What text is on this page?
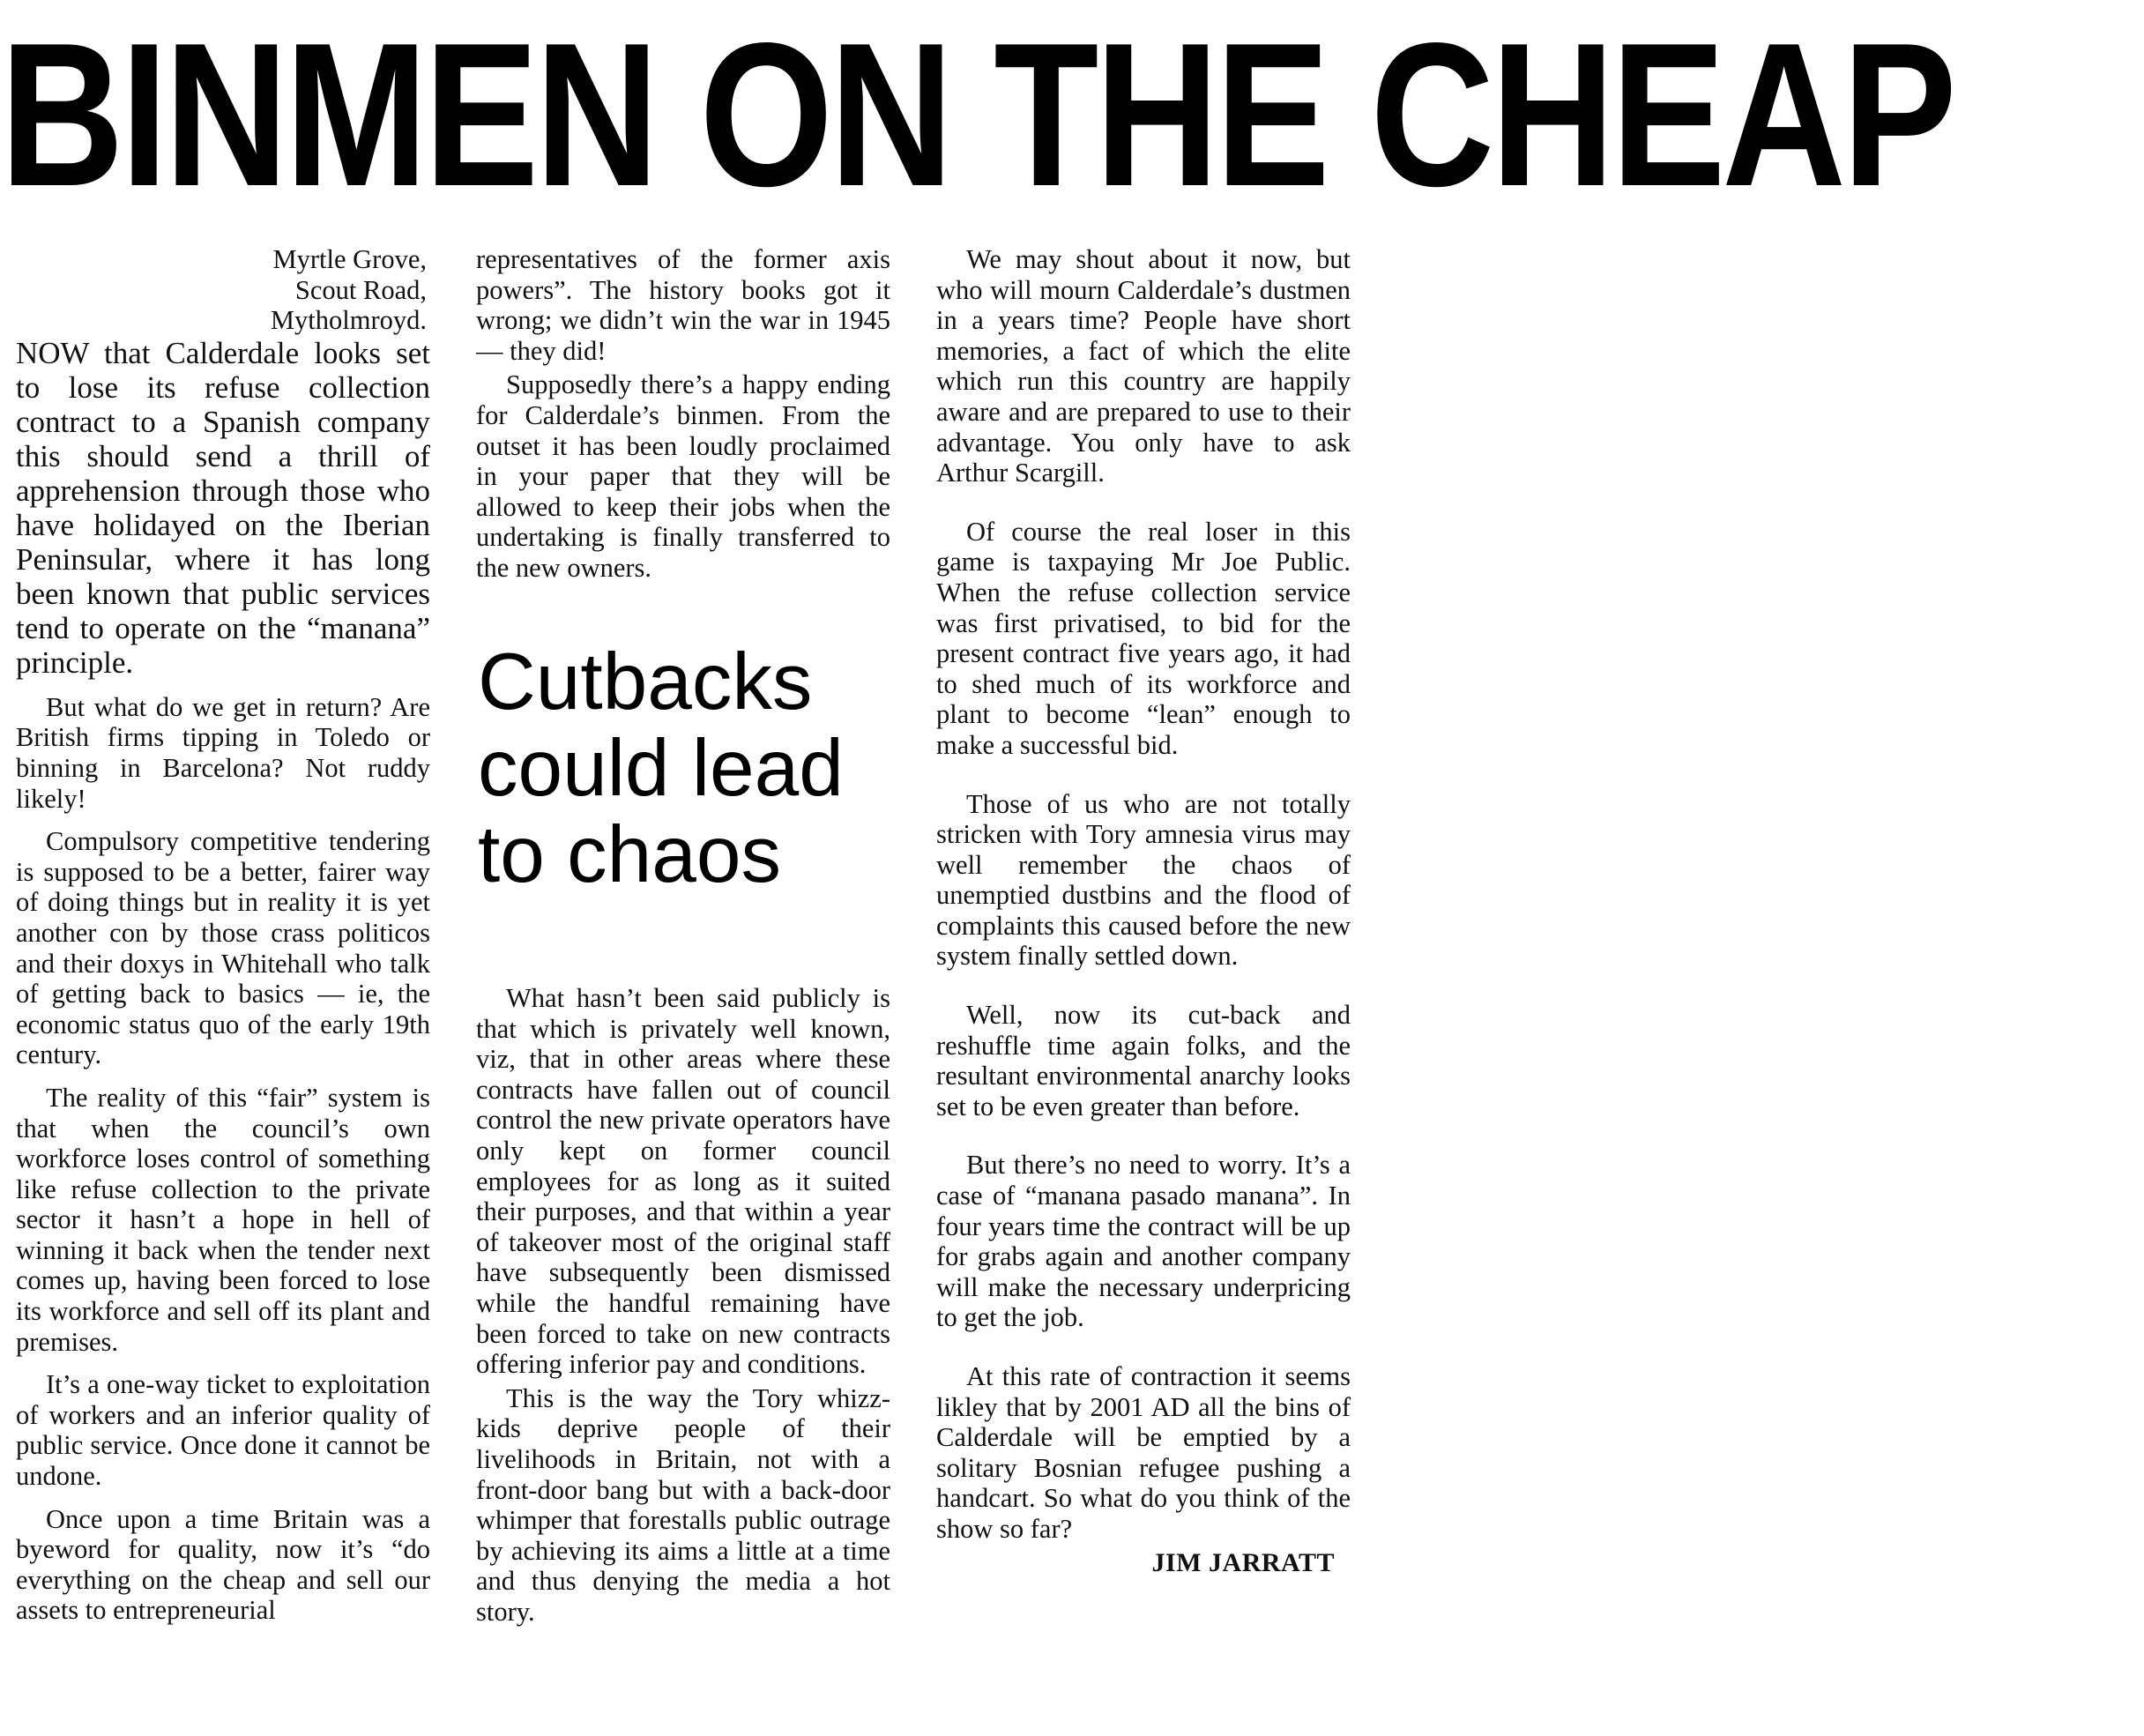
BINMEN ON THE CHEAP
Myrtle Grove,
Scout Road,
Mytholmroyd.

NOW that Calderdale looks set to lose its refuse collection contract to a Spanish company this should send a thrill of apprehension through those who have holidayed on the Iberian Peninsular, where it has long been known that public services tend to operate on the “manana” principle.

But what do we get in return? Are British firms tipping in Toledo or binning in Barcelona? Not ruddy likely!

Compulsory competitive tendering is supposed to be a better, fairer way of doing things but in reality it is yet another con by those crass politicos and their doxys in Whitehall who talk of getting back to basics — ie, the economic status quo of the early 19th century.

The reality of this “fair” system is that when the council’s own workforce loses control of something like refuse collection to the private sector it hasn’t a hope in hell of winning it back when the tender next comes up, having been forced to lose its workforce and sell off its plant and premises.

It’s a one-way ticket to exploitation of workers and an inferior quality of public service. Once done it cannot be undone.

Once upon a time Britain was a byeword for quality, now it’s “do everything on the cheap and sell our assets to entrepreneurial

representatives of the former axis powers”. The history books got it wrong; we didn’t win the war in 1945 — they did!

Supposedly there’s a happy ending for Calderdale’s binmen. From the outset it has been loudly proclaimed in your paper that they will be allowed to keep their jobs when the undertaking is finally transferred to the new owners.

Cutbacks could lead to chaos

What hasn’t been said publicly is that which is privately well known, viz, that in other areas where these contracts have fallen out of council control the new private operators have only kept on former council employees for as long as it suited their purposes, and that within a year of takeover most of the original staff have subsequently been dismissed while the handful remaining have been forced to take on new contracts offering inferior pay and conditions.

This is the way the Tory whizz-kids deprive people of their livelihoods in Britain, not with a front-door bang but with a back-door whimper that forestalls public outrage by achieving its aims a little at a time and thus denying the media a hot story.

We may shout about it now, but who will mourn Calderdale’s dustmen in a years time? People have short memories, a fact of which the elite which run this country are happily aware and are prepared to use to their advantage. You only have to ask Arthur Scargill.

Of course the real loser in this game is taxpaying Mr Joe Public. When the refuse collection service was first privatised, to bid for the present contract five years ago, it had to shed much of its workforce and plant to become “lean” enough to make a successful bid.

Those of us who are not totally stricken with Tory amnesia virus may well remember the chaos of unemptied dustbins and the flood of complaints this caused before the new system finally settled down.

Well, now its cut-back and reshuffle time again folks, and the resultant environmental anarchy looks set to be even greater than before.

But there’s no need to worry. It’s a case of “manana pasado manana”. In four years time the contract will be up for grabs again and another company will make the necessary underpricing to get the job.

At this rate of contraction it seems likley that by 2001 AD all the bins of Calderdale will be emptied by a solitary Bosnian refugee pushing a handcart. So what do you think of the show so far?

JIM JARRATT
